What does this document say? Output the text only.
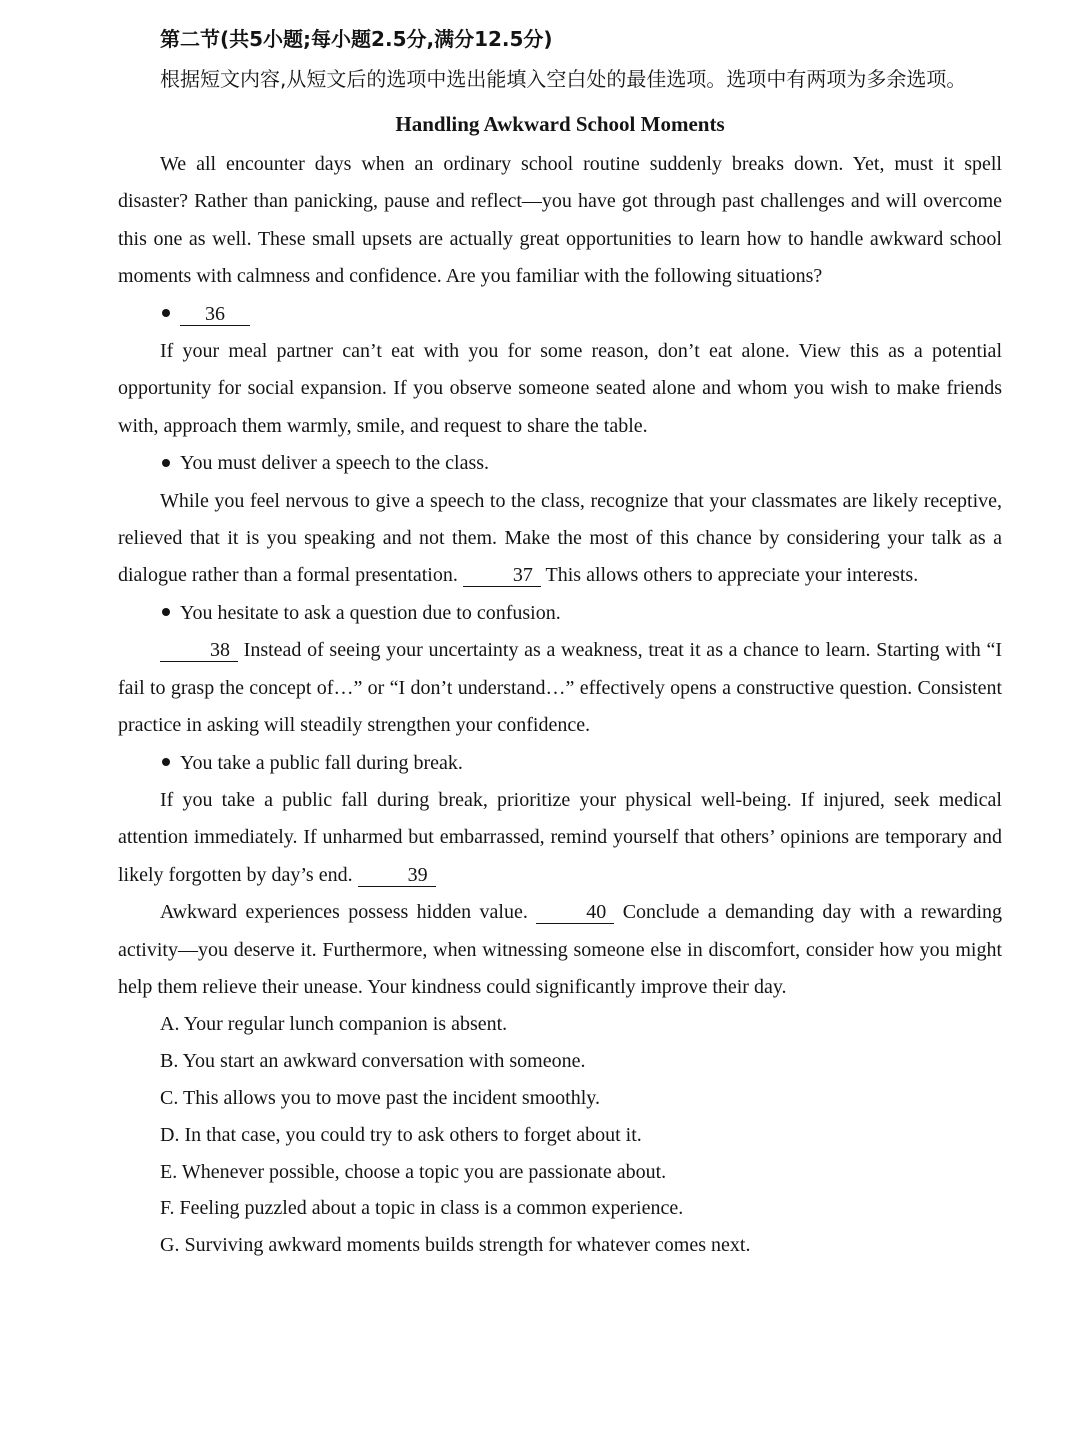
第二节(共5小题;每小题2.5分,满分12.5分)

根据短文内容,从短文后的选项中选出能填入空白处的最佳选项。选项中有两项为多余选项。

Handling Awkward School Moments

We all encounter days when an ordinary school routine suddenly breaks down. Yet, must it spell disaster? Rather than panicking, pause and reflect—you have got through past challenges and will overcome this one as well. These small upsets are actually great opportunities to learn how to handle awkward school moments with calmness and confidence. Are you familiar with the following situations?

36

If your meal partner can’t eat with you for some reason, don’t eat alone. View this as a potential opportunity for social expansion. If you observe someone seated alone and whom you wish to make friends with, approach them warmly, smile, and request to share the table.

You must deliver a speech to the class.

While you feel nervous to give a speech to the class, recognize that your classmates are likely receptive, relieved that it is you speaking and not them. Make the most of this chance by considering your talk as a dialogue rather than a formal presentation.	37 This allows others to appreciate your interests.

You hesitate to ask a question due to confusion.

38 Instead of seeing your uncertainty as a weakness, treat it as a chance to learn. Starting with “I fail to grasp the concept of…” or “I don’t understand…” effectively opens a constructive question. Consistent practice in asking will steadily strengthen your confidence.

You take a public fall during break.

If you take a public fall during break, prioritize your physical well-being. If injured, seek medical attention immediately. If unharmed but embarrassed, remind yourself that others’ opinions are temporary and likely forgotten by day’s end.	39

Awkward experiences possess hidden value.	40 Conclude a demanding day with a rewarding activity—you deserve it. Furthermore, when witnessing someone else in discomfort, consider how you might help them relieve their unease. Your kindness could significantly improve their day.

A. Your regular lunch companion is absent.
B. You start an awkward conversation with someone.
C. This allows you to move past the incident smoothly.
D. In that case, you could try to ask others to forget about it.
E. Whenever possible, choose a topic you are passionate about.
F. Feeling puzzled about a topic in class is a common experience.
G. Surviving awkward moments builds strength for whatever comes next.
